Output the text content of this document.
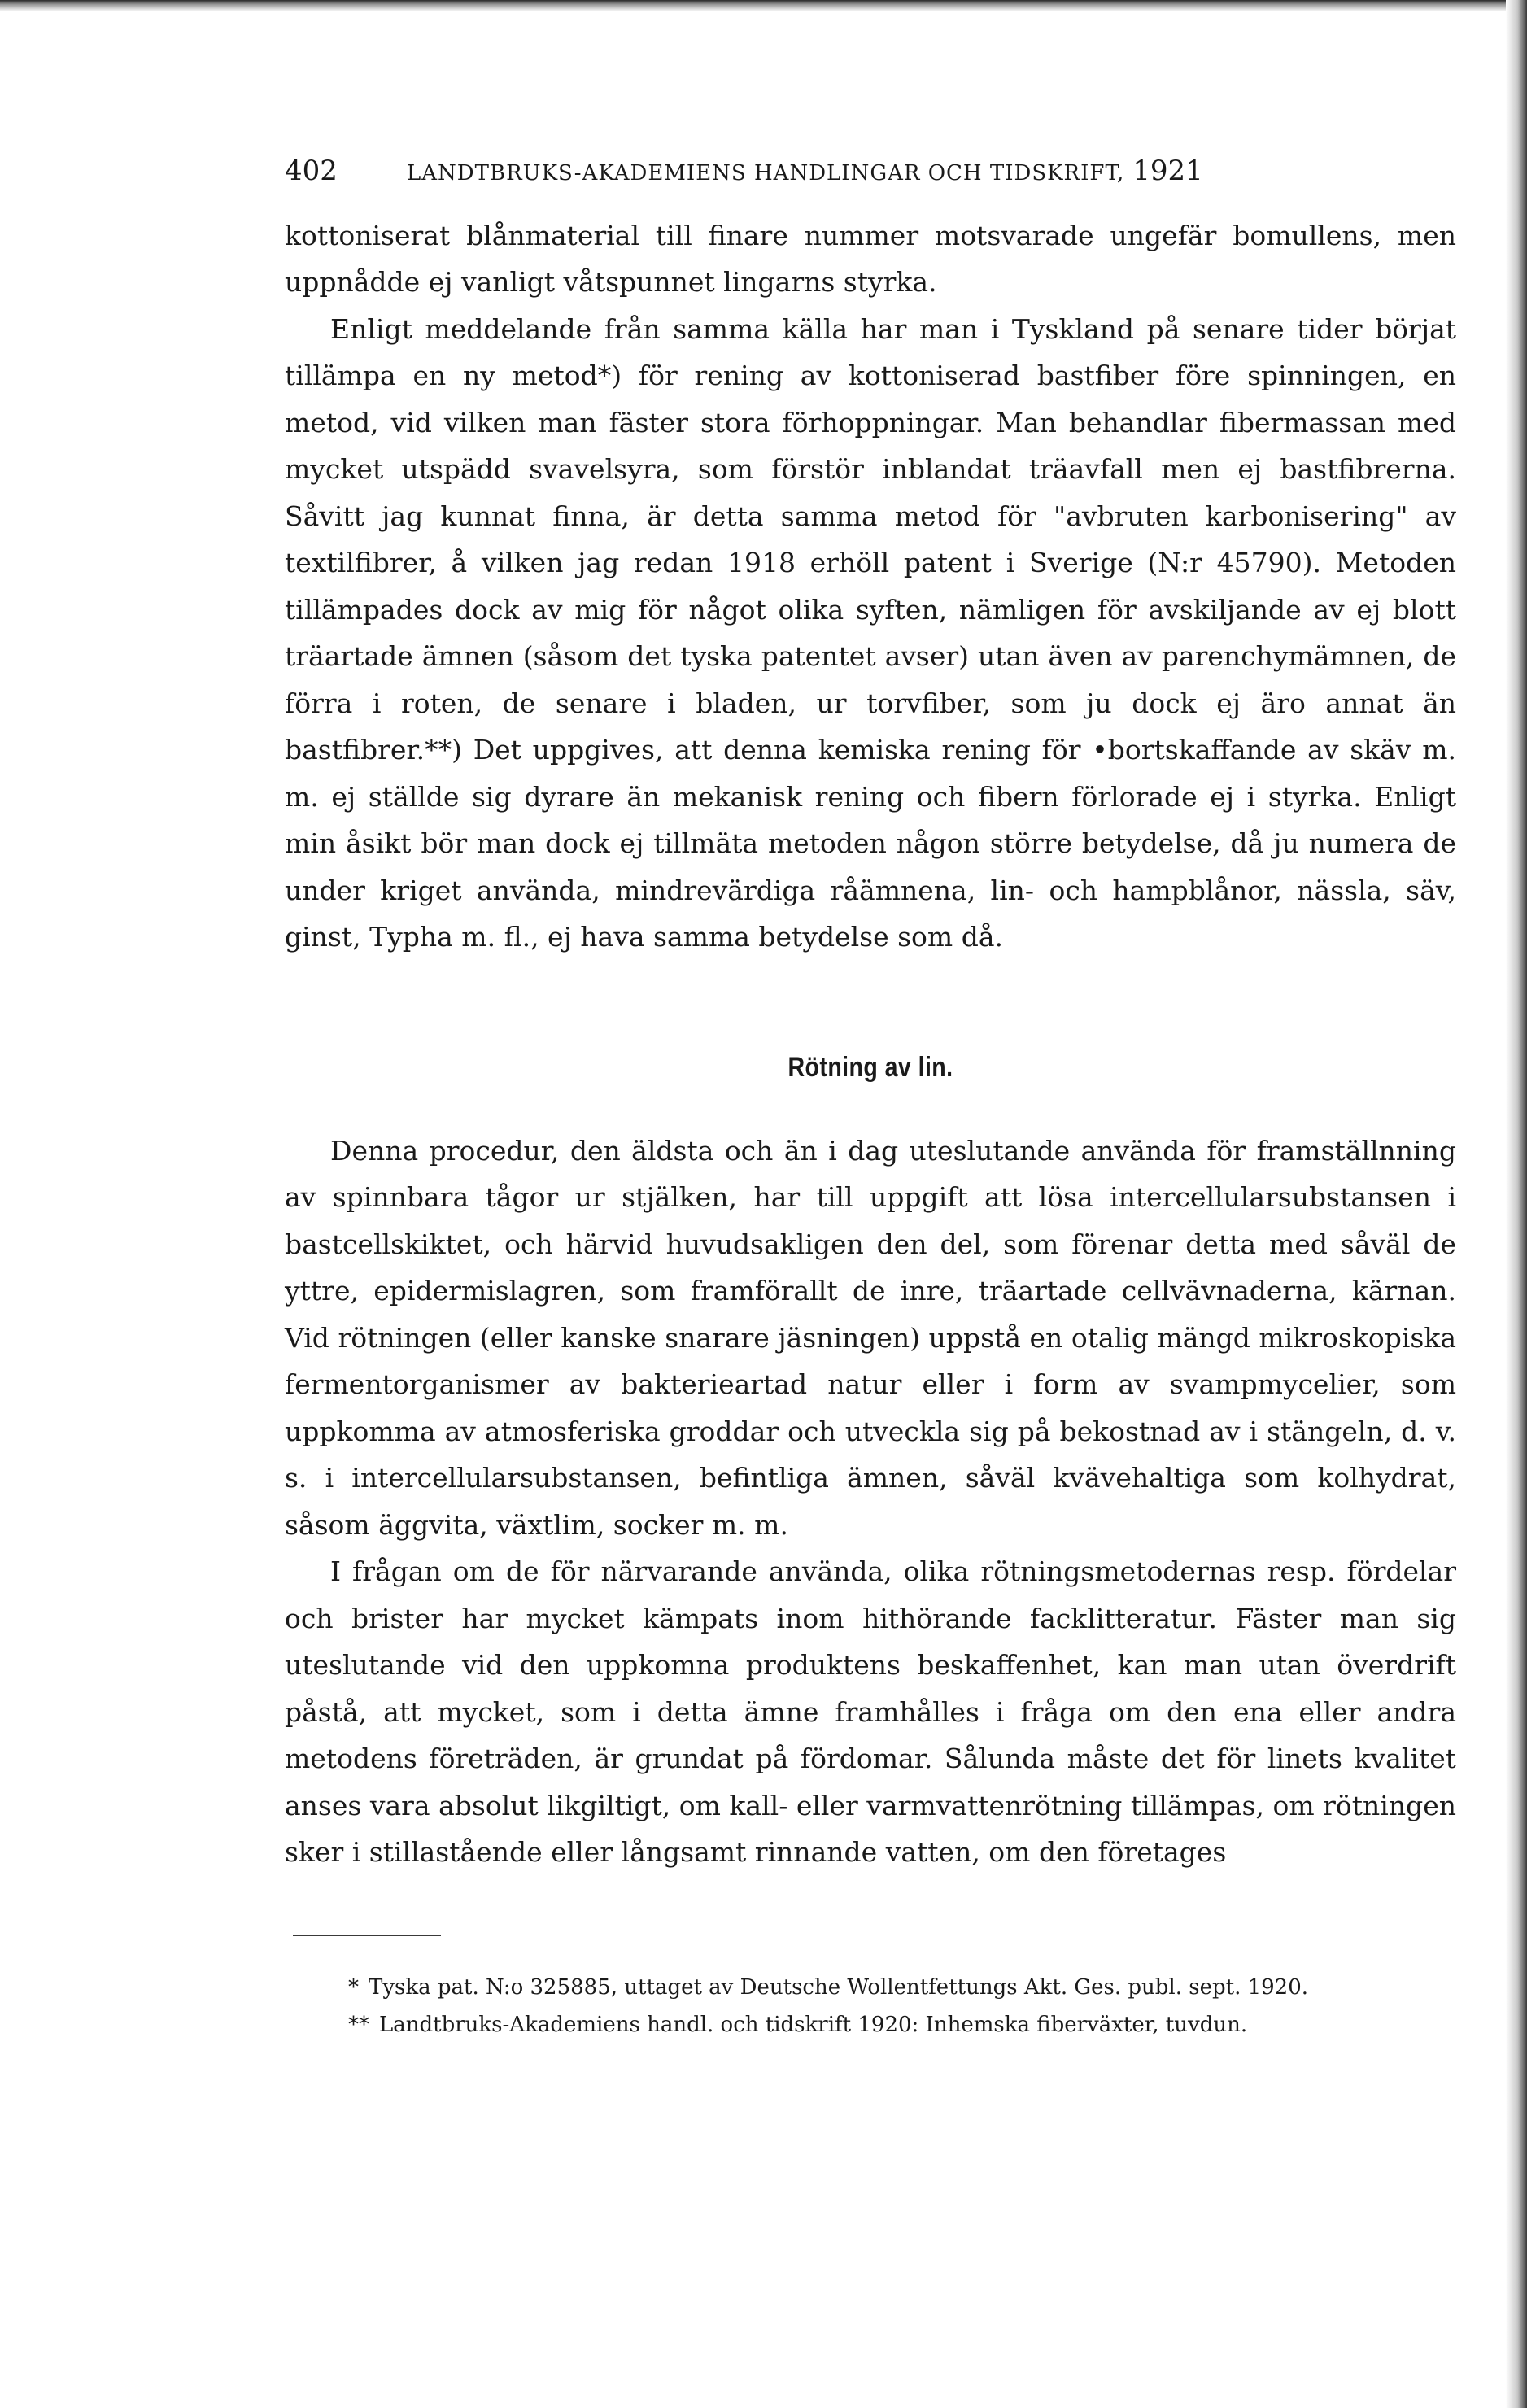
402	LANDTBRUKS-AKADEMIENS HANDLINGAR OCH TIDSKRIFT, 1921

kottoniserat blånmaterial till finare nummer motsvarade ungefär bomullens, men uppnådde ej vanligt våtspunnet lingarns styrka.

Enligt meddelande från samma källa har man i Tyskland på senare tider börjat tillämpa en ny metod*) för rening av kottoniserad bastfiber före spinningen, en metod, vid vilken man fäster stora förhoppningar. Man behandlar fibermassan med mycket utspädd svavelsyra, som förstör inblandat träavfall men ej bastfibrerna. Såvitt jag kunnat finna, är detta samma metod för "avbruten karbonisering" av textilfibrer, å vilken jag redan 1918 erhöll patent i Sverige (N:r 45790). Metoden tillämpades dock av mig för något olika syften, nämligen för avskiljande av ej blott träartade ämnen (såsom det tyska patentet avser) utan även av parenchymämnen, de förra i roten, de senare i bladen, ur torvfiber, som ju dock ej äro annat än bastfibrer.**) Det uppgives, att denna kemiska rening för •bortskaffande av skäv m. m. ej ställde sig dyrare än mekanisk rening och fibern förlorade ej i styrka. Enligt min åsikt bör man dock ej tillmäta metoden någon större betydelse, då ju numera de under kriget använda, mindrevärdiga råämnena, lin- och hampblånor, nässla, säv, ginst, Typha m. fl., ej hava samma betydelse som då.

Rötning av lin.

Denna procedur, den äldsta och än i dag uteslutande använda för framställnning av spinnbara tågor ur stjälken, har till uppgift att lösa intercellularsubstansen i bastcellskiktet, och härvid huvudsakligen den del, som förenar detta med såväl de yttre, epidermislagren, som framförallt de inre, träartade cellvävnaderna, kärnan. Vid rötningen (eller kanske snarare jäsningen) uppstå en otalig mängd mikroskopiska fermentorganismer av bakterieartad natur eller i form av svampmycelier, som uppkomma av atmosferiska groddar och utveckla sig på bekostnad av i stängeln, d. v. s. i intercellularsubstansen, befintliga ämnen, såväl kvävehaltiga som kolhydrat, såsom äggvita, växtlim, socker m. m.

I frågan om de för närvarande använda, olika rötningsmetodernas resp. fördelar och brister har mycket kämpats inom hithörande facklitteratur. Fäster man sig uteslutande vid den uppkomna produktens beskaffenhet, kan man utan överdrift påstå, att mycket, som i detta ämne framhålles i fråga om den ena eller andra metodens företräden, är grundat på fördomar. Sålunda måste det för linets kvalitet anses vara absolut likgiltigt, om kall- eller varmvattenrötning tillämpas, om rötningen sker i stillastående eller långsamt rinnande vatten, om den företages

* Tyska pat. N:o 325885, uttaget av Deutsche Wollentfettungs Akt. Ges. publ. sept. 1920.

** Landtbruks-Akademiens handl. och tidskrift 1920: Inhemska fiberväxter, tuvdun.
